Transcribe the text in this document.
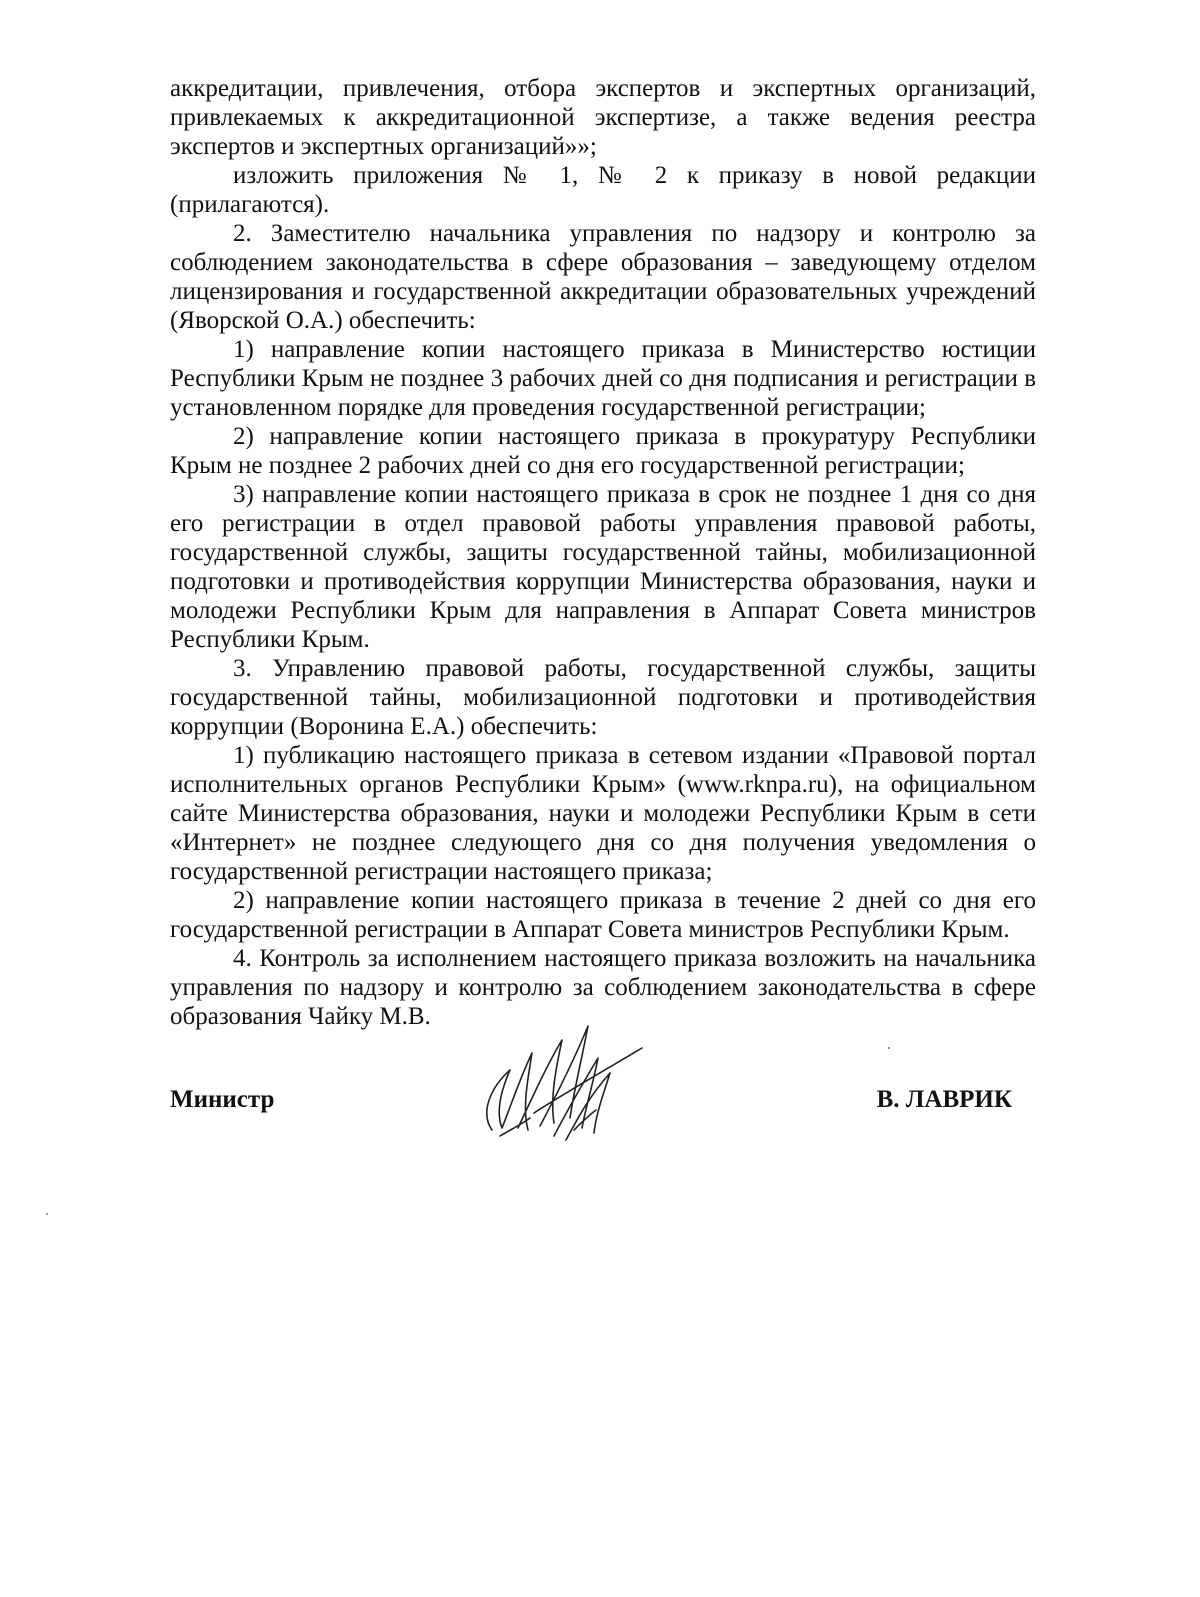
аккредитации, привлечения, отбора экспертов и экспертных организаций, привлекаемых к аккредитационной экспертизе, а также ведения реестра экспертов и экспертных организаций»»;

изложить приложения № 1, № 2 к приказу в новой редакции (прилагаются).

2. Заместителю начальника управления по надзору и контролю за соблюдением законодательства в сфере образования – заведующему отделом лицензирования и государственной аккредитации образовательных учреждений (Яворской О.А.) обеспечить:

1) направление копии настоящего приказа в Министерство юстиции Республики Крым не позднее 3 рабочих дней со дня подписания и регистрации в установленном порядке для проведения государственной регистрации;

2) направление копии настоящего приказа в прокуратуру Республики Крым не позднее 2 рабочих дней со дня его государственной регистрации;

3) направление копии настоящего приказа в срок не позднее 1 дня со дня его регистрации в отдел правовой работы управления правовой работы, государственной службы, защиты государственной тайны, мобилизационной подготовки и противодействия коррупции Министерства образования, науки и молодежи Республики Крым для направления в Аппарат Совета министров Республики Крым.

3. Управлению правовой работы, государственной службы, защиты государственной тайны, мобилизационной подготовки и противодействия коррупции (Воронина Е.А.) обеспечить:

1) публикацию настоящего приказа в сетевом издании «Правовой портал исполнительных органов Республики Крым» (www.rknpa.ru), на официальном сайте Министерства образования, науки и молодежи Республики Крым в сети «Интернет» не позднее следующего дня со дня получения уведомления о государственной регистрации настоящего приказа;

2) направление копии настоящего приказа в течение 2 дней со дня его государственной регистрации в Аппарат Совета министров Республики Крым.

4. Контроль за исполнением настоящего приказа возложить на начальника управления по надзору и контролю за соблюдением законодательства в сфере образования Чайку М.В.

Министр	В. ЛАВРИК
